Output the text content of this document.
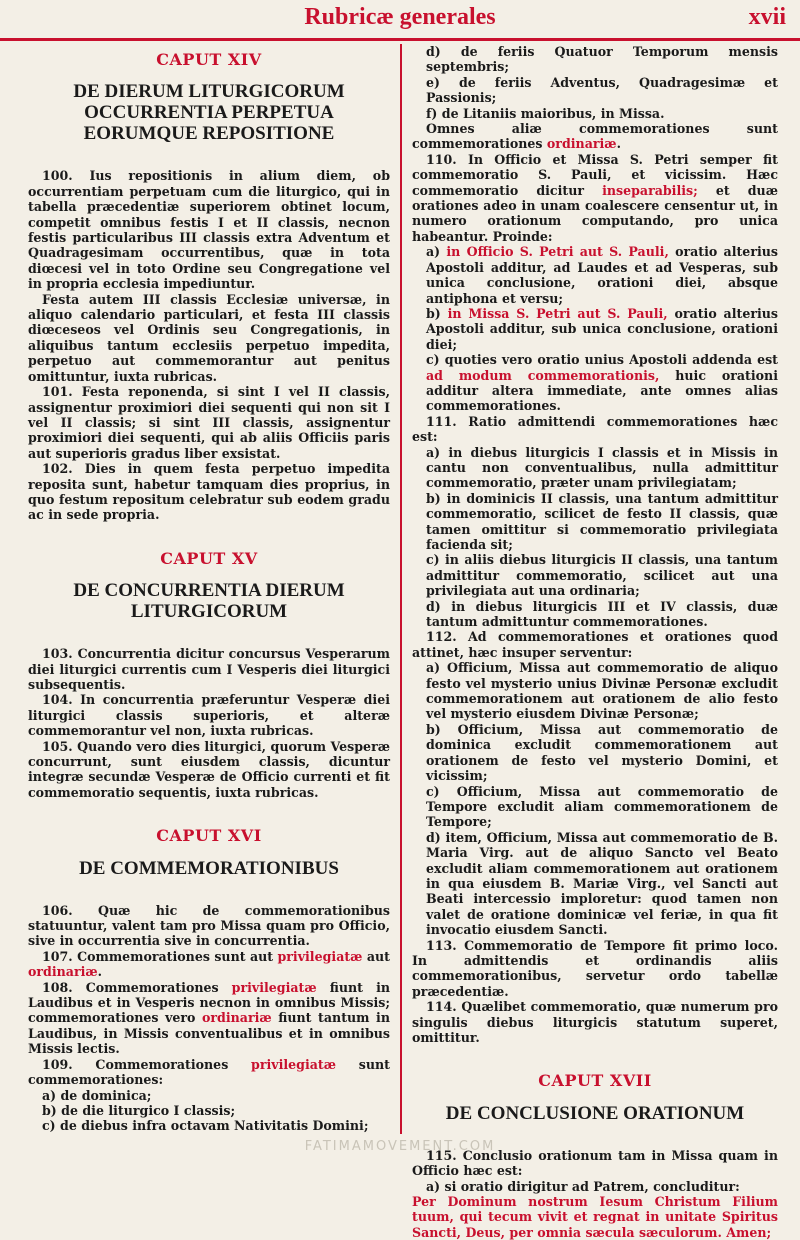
Rubricæ generales	xvii
CAPUT XIV
DE DIERUM LITURGICORUM OCCURRENTIA PERPETUA EORUMQUE REPOSITIONE

100. Ius repositionis in alium diem, ob occurrentiam perpetuam cum die liturgico, qui in tabella præcedentiæ superiorem obtinet locum, competit omnibus festis I et II classis, necnon festis particularibus III classis extra Adventum et Quadragesimam occurrentibus, quæ in tota diœcesi vel in toto Ordine seu Congregatione vel in propria ecclesia impediuntur.

Festa autem III classis Ecclesiæ universæ, in aliquo calendario particulari, et festa III classis diœceseos vel Ordinis seu Congregationis, in aliquibus tantum ecclesiis perpetuo impedita, perpetuo aut commemorantur aut penitus omittuntur, iuxta rubricas.

101. Festa reponenda, si sint I vel II classis, assignentur proximiori diei sequenti qui non sit I vel II classis; si sint III classis, assignentur proximiori diei sequenti, qui ab aliis Officiis paris aut superioris gradus liber exsistat.

102. Dies in quem festa perpetuo impedita reposita sunt, habetur tamquam dies proprius, in quo festum repositum celebratur sub eodem gradu ac in sede propria.

CAPUT XV
DE CONCURRENTIA DIERUM LITURGICORUM

103. Concurrentia dicitur concursus Vesperarum diei liturgici currentis cum I Vesperis diei liturgici subsequentis.

104. In concurrentia præferuntur Vesperæ diei liturgici classis superioris, et alteræ commemorantur vel non, iuxta rubricas.

105. Quando vero dies liturgici, quorum Vesperæ concurrunt, sunt eiusdem classis, dicuntur integræ secundæ Vesperæ de Officio currenti et fit commemoratio sequentis, iuxta rubricas.

CAPUT XVI
DE COMMEMORATIONIBUS

106. Quæ hic de commemorationibus statuuntur, valent tam pro Missa quam pro Officio, sive in occurrentia sive in concurrentia.

107. Commemorationes sunt aut privilegiatæ aut ordinariæ.

108. Commemorationes privilegiatæ fiunt in Laudibus et in Vesperis necnon in omnibus Missis; commemorationes vero ordinariæ fiunt tantum in Laudibus, in Missis conventualibus et in omnibus Missis lectis.

109. Commemorationes privilegiatæ sunt commemorationes:

a) de dominica;

b) de die liturgico I classis;

c) de diebus infra octavam Nativitatis Domini;

d) de feriis Quatuor Temporum mensis septembris;

e) de feriis Adventus, Quadragesimæ et Passionis;

f) de Litaniis maioribus, in Missa.

Omnes aliæ commemorationes sunt commemorationes ordinariæ.

110. In Officio et Missa S. Petri semper fit commemoratio S. Pauli, et vicissim. Hæc commemoratio dicitur inseparabilis; et duæ orationes adeo in unam coalescere censentur ut, in numero orationum computando, pro unica habeantur. Proinde:

a) in Officio S. Petri aut S. Pauli, oratio alterius Apostoli additur, ad Laudes et ad Vesperas, sub unica conclusione, orationi diei, absque antiphona et versu;

b) in Missa S. Petri aut S. Pauli, oratio alterius Apostoli additur, sub unica conclusione, orationi diei;

c) quoties vero oratio unius Apostoli addenda est ad modum commemorationis, huic orationi additur altera immediate, ante omnes alias commemorationes.

111. Ratio admittendi commemorationes hæc est:

a) in diebus liturgicis I classis et in Missis in cantu non conventualibus, nulla admittitur commemoratio, præter unam privilegiatam;

b) in dominicis II classis, una tantum admittitur commemoratio, scilicet de festo II classis, quæ tamen omittitur si commemoratio privilegiata facienda sit;

c) in aliis diebus liturgicis II classis, una tantum admittitur commemoratio, scilicet aut una privilegiata aut una ordinaria;

d) in diebus liturgicis III et IV classis, duæ tantum admittuntur commemorationes.

112. Ad commemorationes et orationes quod attinet, hæc insuper serventur:

a) Officium, Missa aut commemoratio de aliquo festo vel mysterio unius Divinæ Personæ excludit commemorationem aut orationem de alio festo vel mysterio eiusdem Divinæ Personæ;

b) Officium, Missa aut commemoratio de dominica excludit commemorationem aut orationem de festo vel mysterio Domini, et vicissim;

c) Officium, Missa aut commemoratio de Tempore excludit aliam commemorationem de Tempore;

d) item, Officium, Missa aut commemoratio de B. Maria Virg. aut de aliquo Sancto vel Beato excludit aliam commemorationem aut orationem in qua eiusdem B. Mariæ Virg., vel Sancti aut Beati intercessio imploretur: quod tamen non valet de oratione dominicæ vel feriæ, in qua fit invocatio eiusdem Sancti.

113. Commemoratio de Tempore fit primo loco. In admittendis et ordinandis aliis commemorationibus, servetur ordo tabellæ præcedentiæ.

114. Quælibet commemoratio, quæ numerum pro singulis diebus liturgicis statutum superet, omittitur.

CAPUT XVII
DE CONCLUSIONE ORATIONUM

115. Conclusio orationum tam in Missa quam in Officio hæc est:

a) si oratio dirigitur ad Patrem, concluditur:

Per Dominum nostrum Iesum Christum Filium tuum, qui tecum vivit et regnat in unitate Spiritus Sancti, Deus, per omnia sæcula sæculorum. Amen;

FATIMAMOVEMENT.COM
